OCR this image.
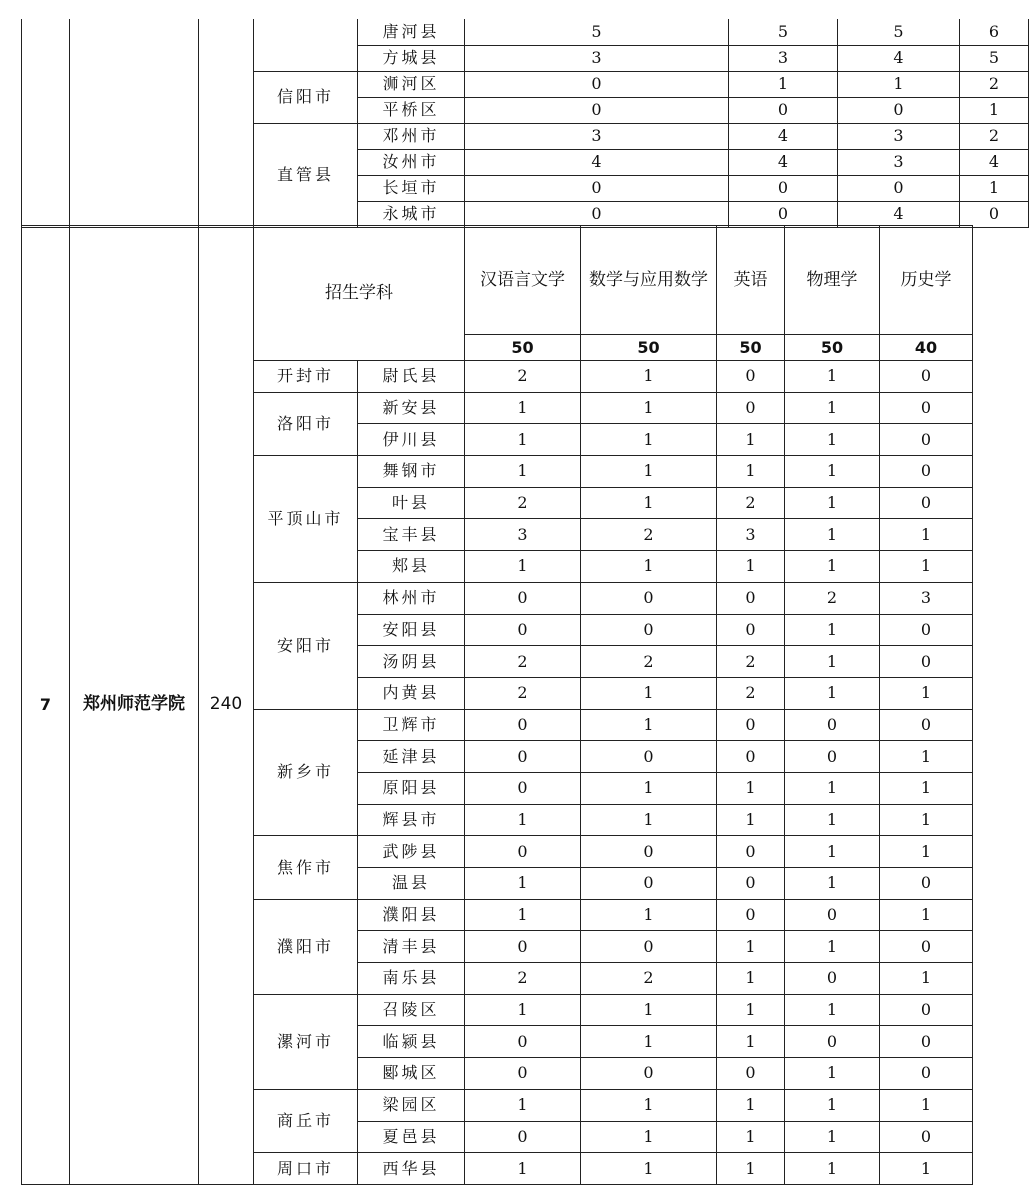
				唐河县	5	5	5	6
				方城县	3	3	4	5
			信阳市	浉河区	0	1	1	2
				平桥区	0	0	0	1
			直管县	邓州市	3	4	3	2
				汝州市	4	4	3	4
				长垣市	0	0	0	1
				永城市	0	0	4	0
7	郑州师范学院	240	招生学科		汉语言文学	数学与应用数学	英语	物理学	历史学
					50	50	50	50	40
			开封市	尉氏县	2	1	0	1	0
			洛阳市	新安县	1	1	0	1	0
				伊川县	1	1	1	1	0
			平顶山市	舞钢市	1	1	1	1	0
				叶县	2	1	2	1	0
				宝丰县	3	2	3	1	1
				郏县	1	1	1	1	1
			安阳市	林州市	0	0	0	2	3
				安阳县	0	0	0	1	0
				汤阴县	2	2	2	1	0
				内黄县	2	1	2	1	1
			新乡市	卫辉市	0	1	0	0	0
				延津县	0	0	0	0	1
				原阳县	0	1	1	1	1
				辉县市	1	1	1	1	1
			焦作市	武陟县	0	0	0	1	1
				温县	1	0	0	1	0
			濮阳市	濮阳县	1	1	0	0	1
				清丰县	0	0	1	1	0
				南乐县	2	2	1	0	1
			漯河市	召陵区	1	1	1	1	0
				临颍县	0	1	1	0	0
				郾城区	0	0	0	1	0
			商丘市	梁园区	1	1	1	1	1
				夏邑县	0	1	1	1	0
			周口市	西华县	1	1	1	1	1
